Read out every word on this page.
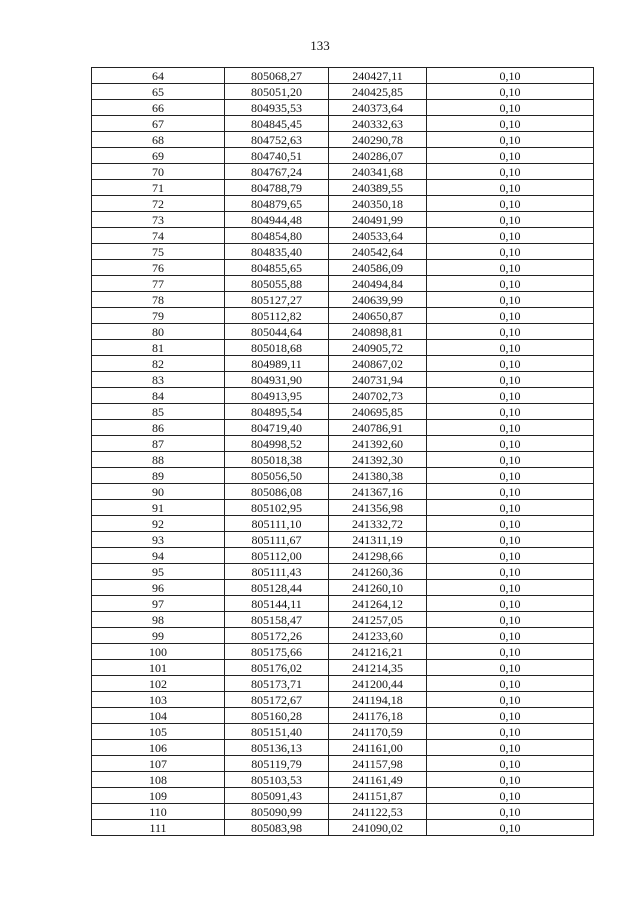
133
64	805068,27	240427,11	0,10
65	805051,20	240425,85	0,10
66	804935,53	240373,64	0,10
67	804845,45	240332,63	0,10
68	804752,63	240290,78	0,10
69	804740,51	240286,07	0,10
70	804767,24	240341,68	0,10
71	804788,79	240389,55	0,10
72	804879,65	240350,18	0,10
73	804944,48	240491,99	0,10
74	804854,80	240533,64	0,10
75	804835,40	240542,64	0,10
76	804855,65	240586,09	0,10
77	805055,88	240494,84	0,10
78	805127,27	240639,99	0,10
79	805112,82	240650,87	0,10
80	805044,64	240898,81	0,10
81	805018,68	240905,72	0,10
82	804989,11	240867,02	0,10
83	804931,90	240731,94	0,10
84	804913,95	240702,73	0,10
85	804895,54	240695,85	0,10
86	804719,40	240786,91	0,10
87	804998,52	241392,60	0,10
88	805018,38	241392,30	0,10
89	805056,50	241380,38	0,10
90	805086,08	241367,16	0,10
91	805102,95	241356,98	0,10
92	805111,10	241332,72	0,10
93	805111,67	241311,19	0,10
94	805112,00	241298,66	0,10
95	805111,43	241260,36	0,10
96	805128,44	241260,10	0,10
97	805144,11	241264,12	0,10
98	805158,47	241257,05	0,10
99	805172,26	241233,60	0,10
100	805175,66	241216,21	0,10
101	805176,02	241214,35	0,10
102	805173,71	241200,44	0,10
103	805172,67	241194,18	0,10
104	805160,28	241176,18	0,10
105	805151,40	241170,59	0,10
106	805136,13	241161,00	0,10
107	805119,79	241157,98	0,10
108	805103,53	241161,49	0,10
109	805091,43	241151,87	0,10
110	805090,99	241122,53	0,10
111	805083,98	241090,02	0,10
